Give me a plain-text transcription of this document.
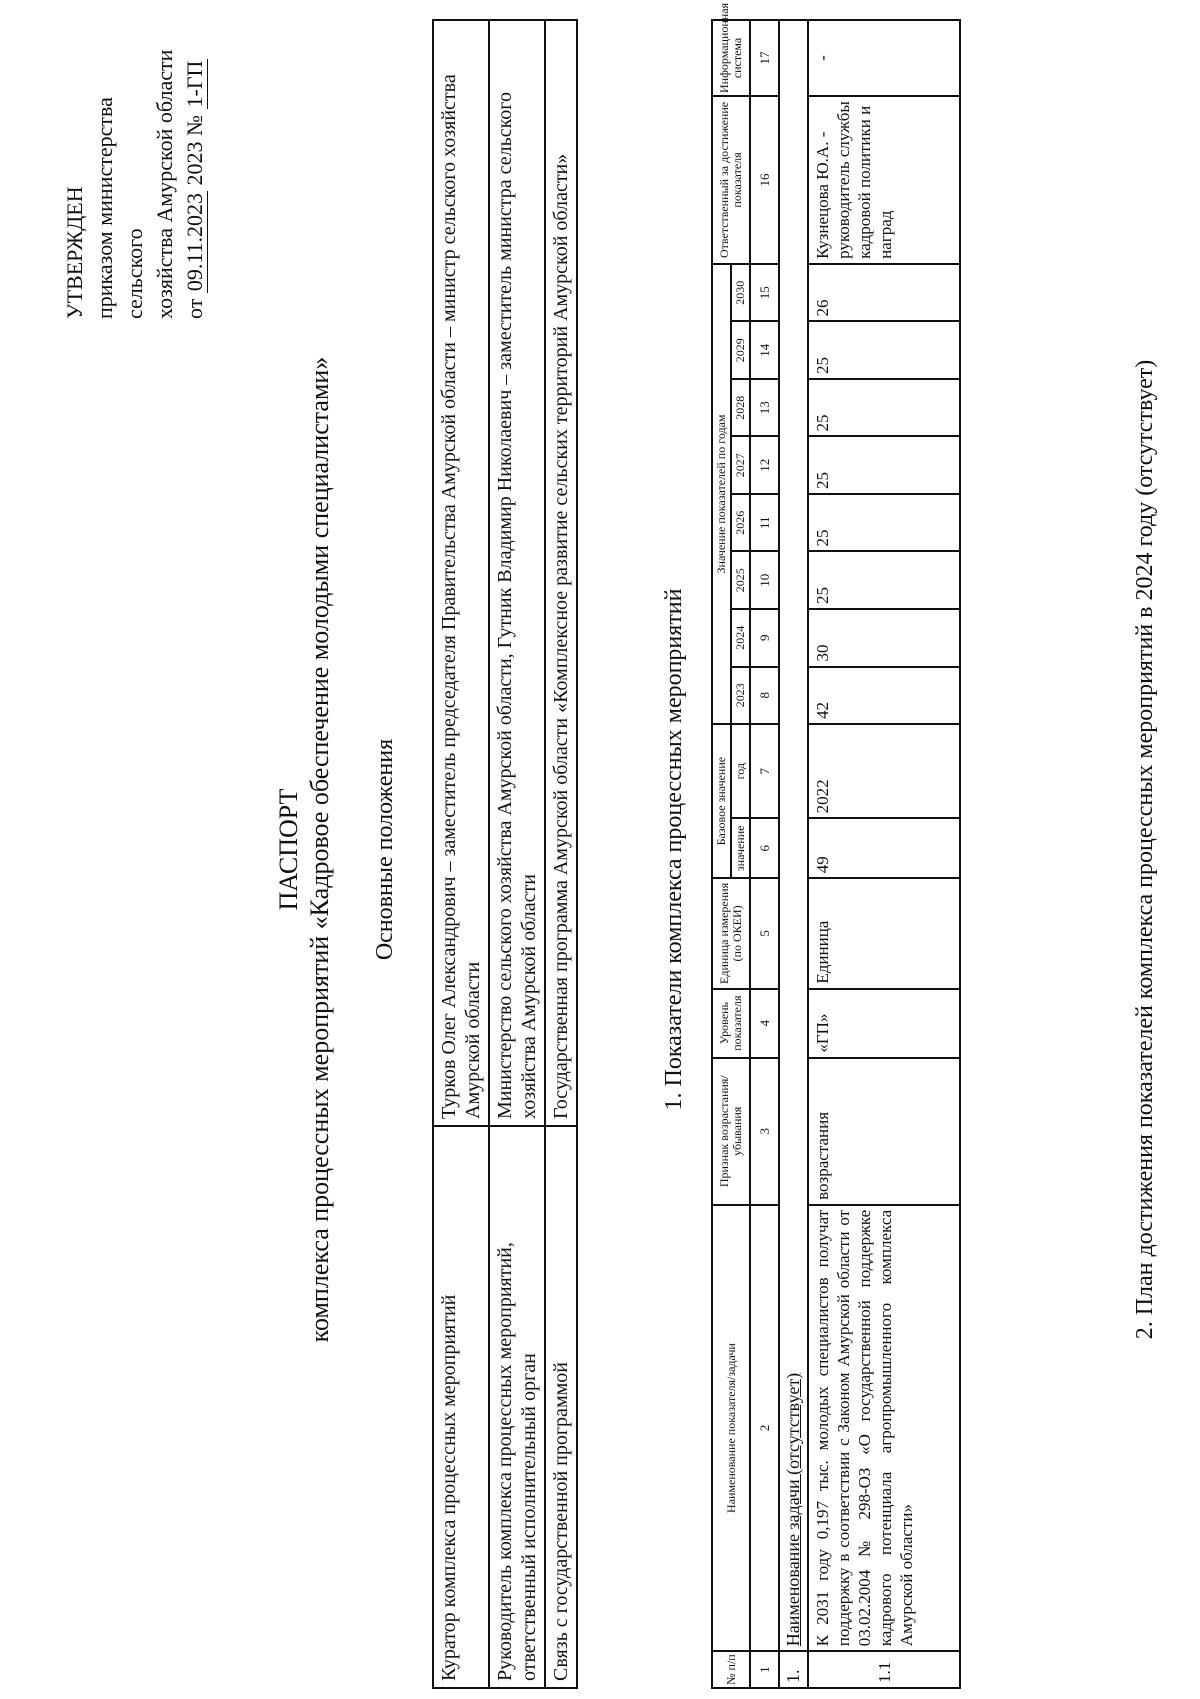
УТВЕРЖДЕН приказом министерства сельского хозяйства Амурской области от 09.11.2023 2023 № 1-ГП
ПАСПОРТ комплекса процессных мероприятий «Кадровое обеспечение молодыми специалистами» Основные положения
Куратор комплекса процессных мероприятий	Турков Олег Александрович – заместитель председателя Правительства Амурской области – министр сельского хозяйства Амурской области
Руководитель комплекса процессных мероприятий, ответственный исполнительный орган	Министерство сельского хозяйства Амурской области, Гутник Владимир Николаевич – заместитель министра сельского хозяйства Амурской области
Связь с государственной программой	Государственная программа Амурской области «Комплексное развитие сельских территорий Амурской области»	1. Показатели комплекса процессных мероприятий
№ п/п	Наименование показателя/задачи	Признак возрастания/ убывания	Уровень показателя	Единица измерения (по ОКЕИ)	Базовое значение		Значение показателей по годам								Ответственный за достижение показателя	Информационная система
					значение	год	2023	2024	2025	2026	2027	2028	2029	2030		
1	2	3	4	5	6	7	8	9	10	11	12	13	14	15	16	17
1.	Наименование задачи (отсутствует)															
1.1	К 2031 году 0,197 тыс. молодых специалистов получат поддержку в соответствии с Законом Амурской области от 03.02.2004 № 298-ОЗ «О государственной поддержке кадрового потенциала агропромышленного комплекса Амурской области»	возрастания	«ГП»	Единица	49	2022	42	30	25	25	25	25	25	26	Кузнецова Ю.А. - руководитель службы кадровой политики и наград	-
2. План достижения показателей комплекса процессных мероприятий в 2024 году (отсутствует)
